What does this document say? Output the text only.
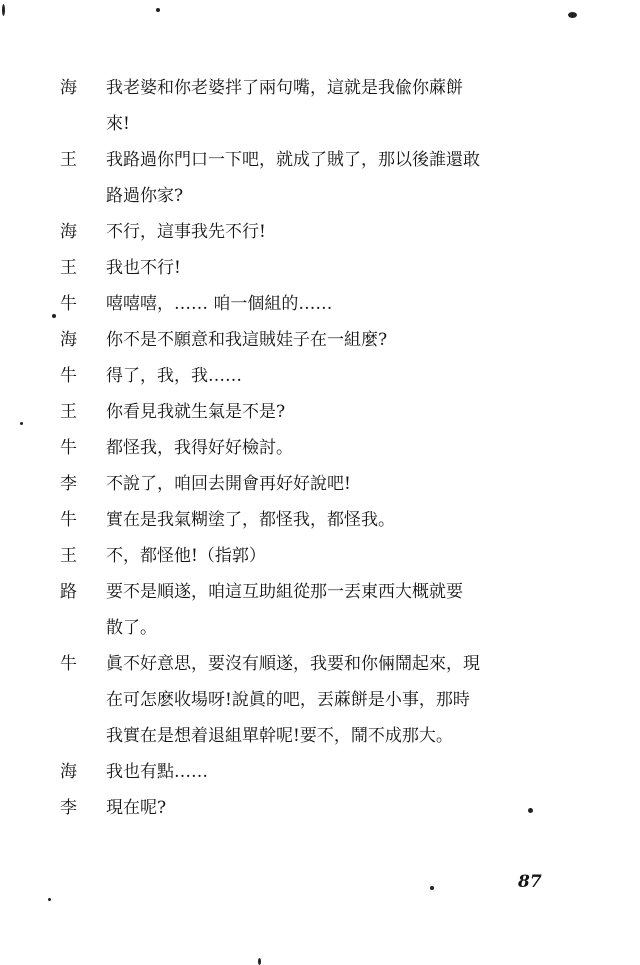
海	我老婆和你老婆拌了兩句嘴，這就是我偸你蔴餅
來!
王	我路過你門口一下吧，就成了賊了，那以後誰還敢
路過你家?
海	不行，這事我先不行!
王	我也不行!
牛	嘻嘻嘻，…… 咱一個組的……
海	你不是不願意和我這賊娃子在一組麼?
牛	得了，我，我……
王	你看見我就生氣是不是?
牛	都怪我，我得好好檢討。
李	不說了，咱回去開會再好好說吧!
牛	實在是我氣糊塗了，都怪我，都怪我。
王	不，都怪他!（指郭）
路	要不是順遂，咱這互助組從那一丟東西大概就要
散了。
牛	眞不好意思，要沒有順遂，我要和你倆鬧起來，現
在可怎麽收場呀!說眞的吧，丟蔴餅是小事，那時
我實在是想着退組單幹呢!要不，鬧不成那大。
海	我也有點……
李	現在呢?
87
